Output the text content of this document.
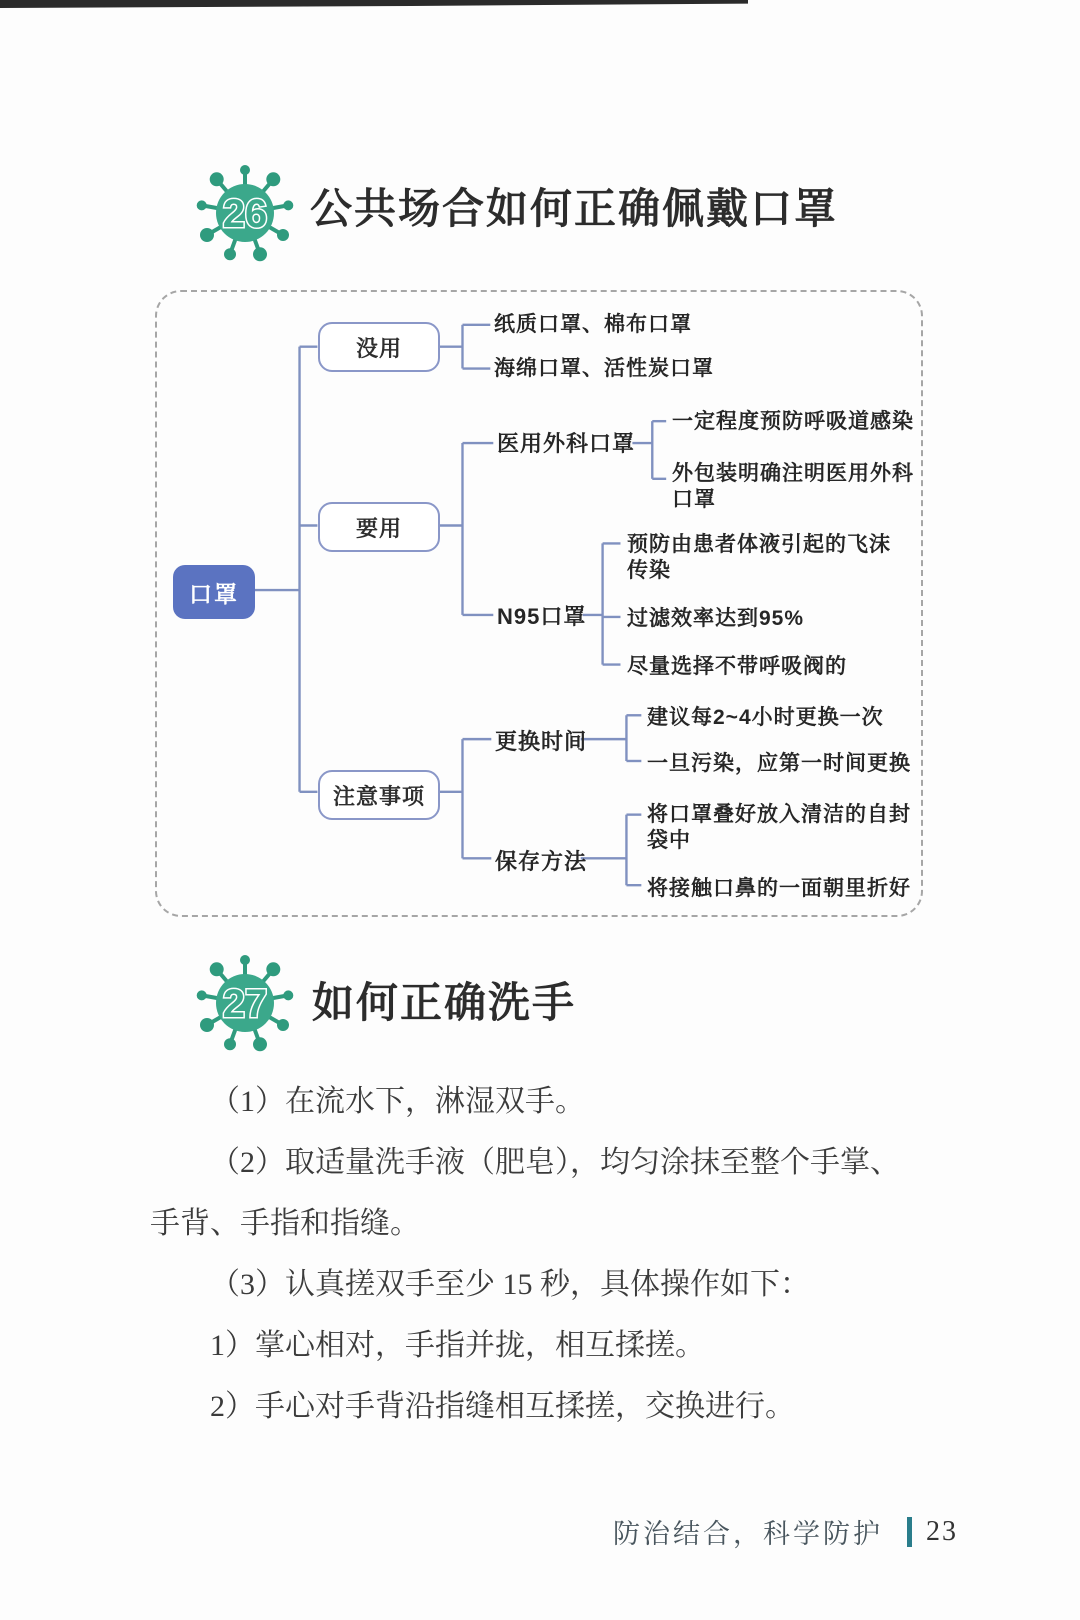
26 公共场合如何正确佩戴口罩
口罩
没用
要用
注意事项
医用外科口罩
N95口罩
更换时间
保存方法
纸质口罩、棉布口罩
海绵口罩、活性炭口罩
一定程度预防呼吸道感染
外包装明确注明医用外科口罩
预防由患者体液引起的飞沫传染
过滤效率达到95%
尽量选择不带呼吸阀的
建议每2~4小时更换一次
一旦污染，应第一时间更换
将口罩叠好放入清洁的自封袋中
将接触口鼻的一面朝里折好
27 如何正确洗手

（1）在流水下，淋湿双手。

（2）取适量洗手液（肥皂），均匀涂抹至整个手掌、手背、手指和指缝。

（3）认真搓双手至少 15 秒，具体操作如下：

1）掌心相对，手指并拢，相互揉搓。

2）手心对手背沿指缝相互揉搓，交换进行。

防治结合，科学防护 23
